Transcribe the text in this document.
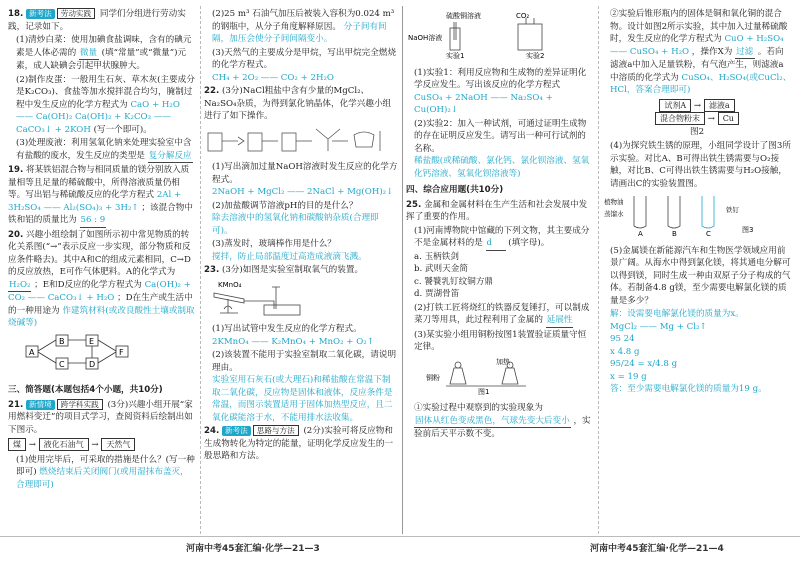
18. 新考法 劳动实践 同学们分组进行劳动实践，记录如下。
(1)清炒白菜：使用加碘食盐调味，含有的碘元素是人体必需的 微量 (填“常量”或“微量”)元素，成人缺碘会引起甲状腺肿大。
(2)制作皮蛋：一般用生石灰、草木灰(主要成分是K₂CO₃)、食盐等加水搅拌混合均匀，腌制过程中发生反应的化学方程式为 CaO + H₂O —— Ca(OH)₂ Ca(OH)₂ + K₂CO₃ —— CaCO₃↓ + 2KOH (写一个即可)。
(3)处理废液：利用氢氧化钠来处理实验室中含有盐酸的废水，发生反应的类型是 复分解反应
19. 将某铁铝混合物与相同质量的镁分别放入质量相等且足量的稀硫酸中，所得溶液质量仍相等。写出铝与稀硫酸反应的化学方程式 2Al + 3H₂SO₄ —— Al₂(SO₄)₃ + 3H₂↑ ；该混合物中铁和铝的质量比为 56 : 9
20. 兴趣小组绘制了如图所示初中常见物质的转化关系图(“→”表示反应一步实现，部分物质和反应条件略去)。其中A和C的组成元素相同，C→D的反应放热，E可作气体肥料。A的化学式为 H₂O₂ ；E和D反应的化学方程式为 Ca(OH)₂ + CO₂ —— CaCO₃↓ + H₂O ；D在生产或生活中的一种用途为 作建筑材料(或改良酸性土壤或制取烧碱等)
A
B
C	D
E
F
三、简答题(本题包括4个小题，共10分)
21. 新情境 跨学科实践 (3分)兴趣小组开展“家用燃料变迁”的项目式学习，查阅资料后绘制出如下图示。
煤 → 液化石油气 → 天然气
(1)使用完毕后，可采取的措施是什么？(写一种即可) 燃烧结束后关闭阀门(或用湿抹布盖灭，合理即可)
(2)25 m³ 石油气加压后被装入容积为0.024 m³的钢瓶中，从分子角度解释原因。 分子间有间隔，加压会使分子间间隔变小。
(3)天然气的主要成分是甲烷，写出甲烷完全燃烧的化学方程式。
CH₄ + 2O₂ —— CO₂ + 2H₂O
22. (3分)NaCl粗盐中含有少量的MgCl₂、Na₂SO₄杂质，为得到氯化钠晶体，化学兴趣小组进行了如下操作。
(1)写出滴加过量NaOH溶液时发生反应的化学方程式。
2NaOH + MgCl₂ —— 2NaCl + Mg(OH)₂↓
(2)加盐酸调节溶液pH的目的是什么？
除去溶液中的氢氧化钠和碳酸钠杂质(合理即可)。
(3)蒸发时，玻璃棒作用是什么？
搅拌，防止局部温度过高造成液滴飞溅。
23. (3分)如图是实验室制取氧气的装置。
KMnO₄
(1)写出试管中发生反应的化学方程式。
2KMnO₄ —— K₂MnO₄ + MnO₂ + O₂↑
(2)该装置不能用于实验室制取二氧化碳，请说明理由。
实验室用石灰石(或大理石)和稀盐酸在常温下制取二氧化碳，反应物是固体和液体，反应条件是常温，而图示装置适用于固体加热型反应，且二氧化碳能溶于水，不能用排水法收集。
24. 新考法 思路与方法 (2分)实验可将反应物和生成物转化为特定的能量，证明化学反应发生的一般思路和方法。
河南中考45套汇编·化学—21—3
硫酸铜溶液	CO₂
NaOH溶液
实验1	实验2
(1)实验1：利用反应物和生成物的差异证明化学反应发生。写出该反应的化学方程式
CuSO₄ + 2NaOH —— Na₂SO₄ + Cu(OH)₂↓
(2)实验2：加入一种试剂，可通过证明生成物的存在证明反应发生。请写出一种可行试剂的名称。
稀盐酸(或稀硫酸、氯化钙、氯化钡溶液、氢氧化钙溶液、氢氧化钡溶液等)
四、综合应用题(共10分)
25. 金属和金属材料在生产生活和社会发展中发挥了重要的作用。
(1)河南博物院中馆藏的下列文物，其主要成分不是金属材料的是 d (填字母)。
a. 玉柄铁剑
b. 武则天金简
c. 饕餮乳钉纹铜方鼎
d. 贾湖骨笛
(2)打铁工匠将烧红的铁器反复锤打，可以制成菜刀等用具，此过程利用了金属的 延展性
(3)某实验小组用铜粉按图1装置验证质量守恒定律。
铜粉
加热
图1
①实验过程中观察到的实验现象为 固体从红色变成黑色，气球先变大后变小 ，实验前后天平示数不变。
②实验后锥形瓶内的固体是铜和氧化铜的混合物。设计如图2所示实验，其中加入过量稀硫酸时，发生反应的化学方程式为 CuO + H₂SO₄ —— CuSO₄ + H₂O ，操作X为 过滤 。若向滤液a中加入足量铁粉，有气泡产生，则滤液a中溶质的化学式为 CuSO₄、H₂SO₄(或CuCl₂、HCl，答案合理即可)
试剂A → 滤液a
混合物粉末 → Cu
图2
(4)为探究铁生锈的原理，小组同学设计了图3所示实验。对比A、B可得出铁生锈需要与O₂接触，对比B、C可得出铁生锈需要与H₂O接触，请画出C的实验装置图。
植物油
蒸馏水
A	B	C
铁钉
图3
(5)金属镁在新能源汽车和生物医学领域应用前景广阔。从海水中得到氯化镁，将其通电分解可以得到镁，同时生成一种由双原子分子构成的气体。若制备4.8 g镁，至少需要电解氯化镁的质量是多少？
解：设需要电解氯化镁的质量为x。
MgCl₂ —— Mg + Cl₂↑
95 24
x 4.8 g
95/24 = x/4.8 g
x = 19 g
答：至少需要电解氯化镁的质量为19 g。
河南中考45套汇编·化学—21—4
